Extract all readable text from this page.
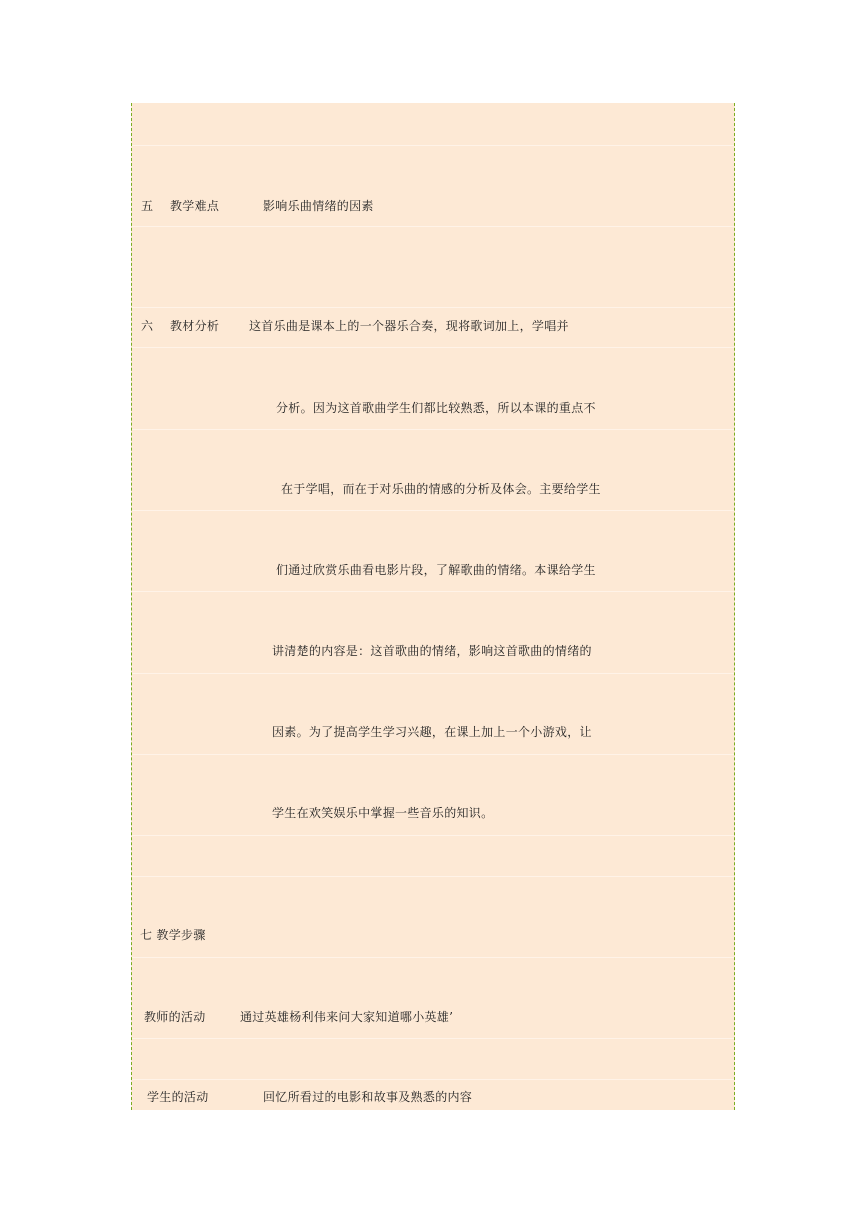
五 教学难点	影响乐曲情绪的因素
六 教材分析 这首乐曲是课本上的一个器乐合奏，现将歌词加上，学唱并
分析。因为这首歌曲学生们都比较熟悉，所以本课的重点不
在于学唱，而在于对乐曲的情感的分析及体会。主要给学生
们通过欣赏乐曲看电影片段，了解歌曲的情绪。本课给学生
讲清楚的内容是：这首歌曲的情绪，影响这首歌曲的情绪的
因素。为了提高学生学习兴趣，在课上加上一个小游戏，让
学生在欢笑娱乐中掌握一些音乐的知识。
七 教学步骤
教师的活动	通过英雄杨利伟来问大家知道哪小英雄’
学生的活动	回忆所看过的电影和故事及熟悉的内容
